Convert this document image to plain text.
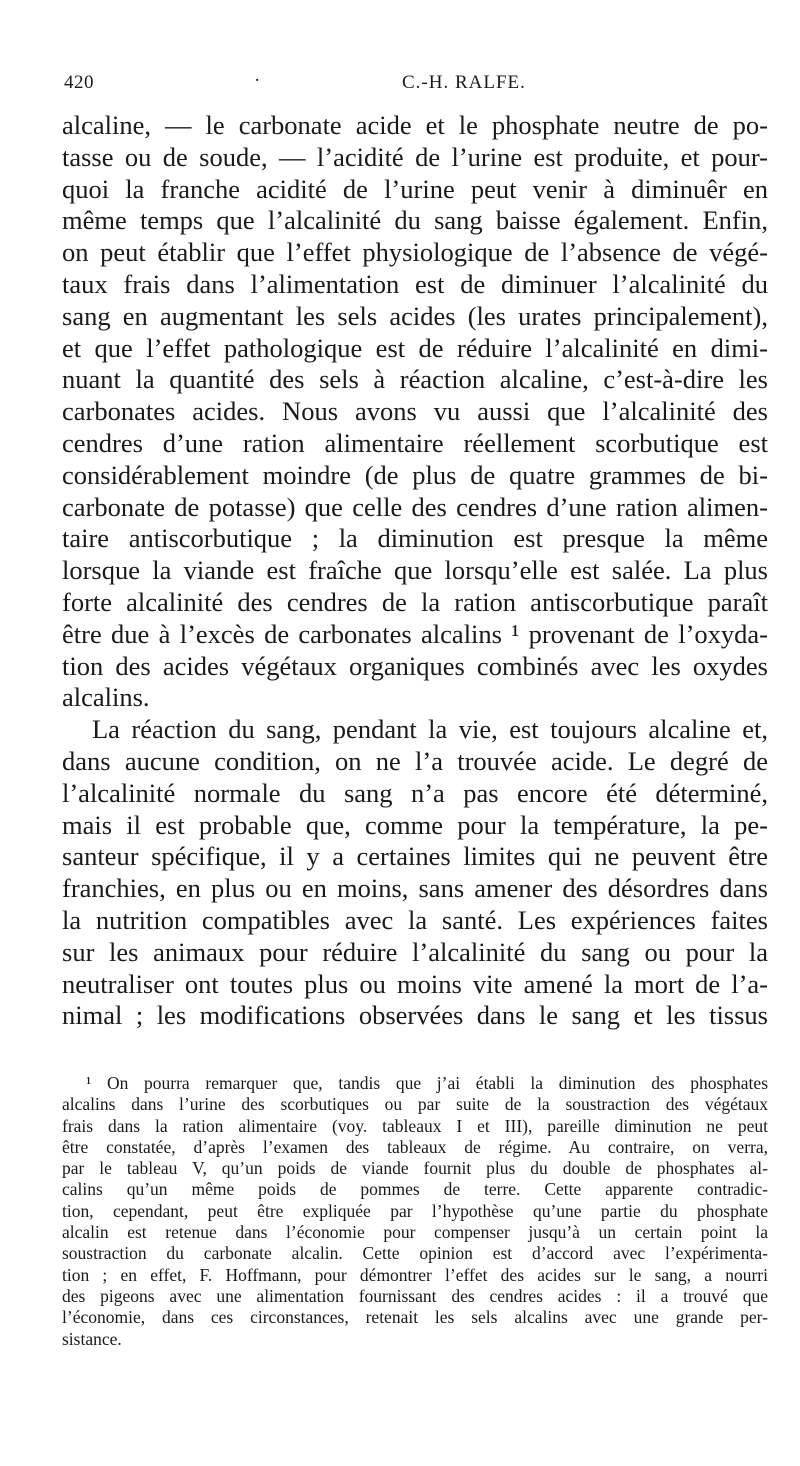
420	·	C.-H. RALFE.
alcaline, — le carbonate acide et le phosphate neutre de po-
tasse ou de soude, — l’acidité de l’urine est produite, et pour-
quoi la franche acidité de l’urine peut venir à diminuêr en
même temps que l’alcalinité du sang baisse également. Enfin,
on peut établir que l’effet physiologique de l’absence de végé-
taux frais dans l’alimentation est de diminuer l’alcalinité du
sang en augmentant les sels acides (les urates principalement),
et que l’effet pathologique est de réduire l’alcalinité en dimi-
nuant la quantité des sels à réaction alcaline, c’est-à-dire les
carbonates acides. Nous avons vu aussi que l’alcalinité des
cendres d’une ration alimentaire réellement scorbutique est
considérablement moindre (de plus de quatre grammes de bi-
carbonate de potasse) que celle des cendres d’une ration alimen-
taire antiscorbutique ; la diminution est presque la même
lorsque la viande est fraîche que lorsqu’elle est salée. La plus
forte alcalinité des cendres de la ration antiscorbutique paraît
être due à l’excès de carbonates alcalins ¹ provenant de l’oxyda-
tion des acides végétaux organiques combinés avec les oxydes
alcalins.
La réaction du sang, pendant la vie, est toujours alcaline et,
dans aucune condition, on ne l’a trouvée acide. Le degré de
l’alcalinité normale du sang n’a pas encore été déterminé,
mais il est probable que, comme pour la température, la pe-
santeur spécifique, il y a certaines limites qui ne peuvent être
franchies, en plus ou en moins, sans amener des désordres dans
la nutrition compatibles avec la santé. Les expériences faites
sur les animaux pour réduire l’alcalinité du sang ou pour la
neutraliser ont toutes plus ou moins vite amené la mort de l’a-
nimal ; les modifications observées dans le sang et les tissus
¹ On pourra remarquer que, tandis que j’ai établi la diminution des phosphates
alcalins dans l’urine des scorbutiques ou par suite de la soustraction des végétaux
frais dans la ration alimentaire (voy. tableaux I et III), pareille diminution ne peut
être constatée, d’après l’examen des tableaux de régime. Au contraire, on verra,
par le tableau V, qu’un poids de viande fournit plus du double de phosphates al-
calins qu’un même poids de pommes de terre. Cette apparente contradic-
tion, cependant, peut être expliquée par l’hypothèse qu’une partie du phosphate
alcalin est retenue dans l’économie pour compenser jusqu’à un certain point la
soustraction du carbonate alcalin. Cette opinion est d’accord avec l’expérimenta-
tion ; en effet, F. Hoffmann, pour démontrer l’effet des acides sur le sang, a nourri
des pigeons avec une alimentation fournissant des cendres acides : il a trouvé que
l’économie, dans ces circonstances, retenait les sels alcalins avec une grande per-
sistance.
